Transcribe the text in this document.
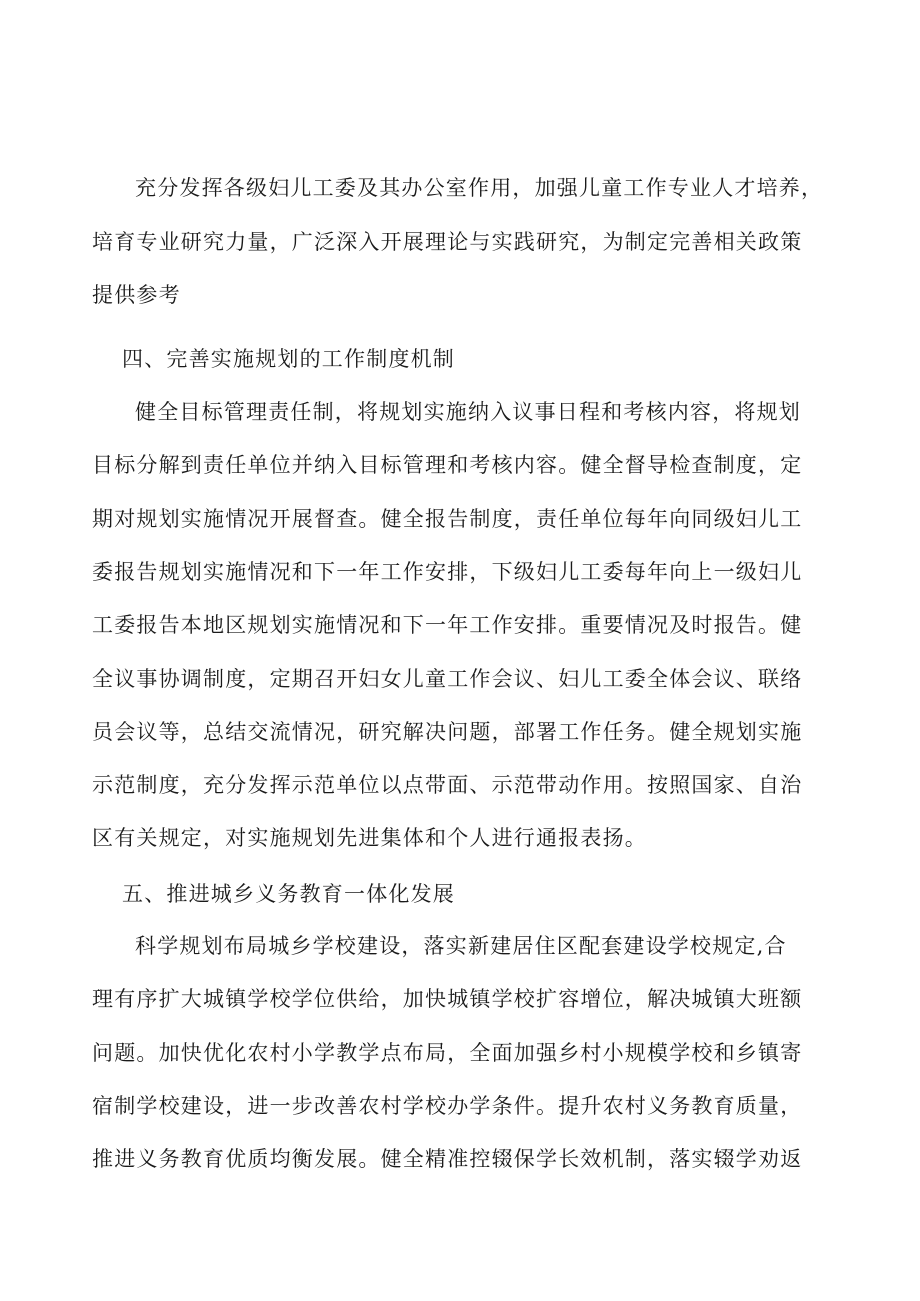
充分发挥各级妇儿工委及其办公室作用，加强儿童工作专业人才培养，
培育专业研究力量，广泛深入开展理论与实践研究，为制定完善相关政策
提供参考
四、完善实施规划的工作制度机制
健全目标管理责任制，将规划实施纳入议事日程和考核内容，将规划
目标分解到责任单位并纳入目标管理和考核内容。健全督导检查制度，定
期对规划实施情况开展督查。健全报告制度，责任单位每年向同级妇儿工
委报告规划实施情况和下一年工作安排，下级妇儿工委每年向上一级妇儿
工委报告本地区规划实施情况和下一年工作安排。重要情况及时报告。健
全议事协调制度，定期召开妇女儿童工作会议、妇儿工委全体会议、联络
员会议等，总结交流情况，研究解决问题，部署工作任务。健全规划实施
示范制度，充分发挥示范单位以点带面、示范带动作用。按照国家、自治
区有关规定，对实施规划先进集体和个人进行通报表扬。
五、推进城乡义务教育一体化发展
科学规划布局城乡学校建设，落实新建居住区配套建设学校规定,合
理有序扩大城镇学校学位供给，加快城镇学校扩容增位，解决城镇大班额
问题。加快优化农村小学教学点布局，全面加强乡村小规模学校和乡镇寄
宿制学校建设，进一步改善农村学校办学条件。提升农村义务教育质量，
推进义务教育优质均衡发展。健全精准控辍保学长效机制，落实辍学劝返
